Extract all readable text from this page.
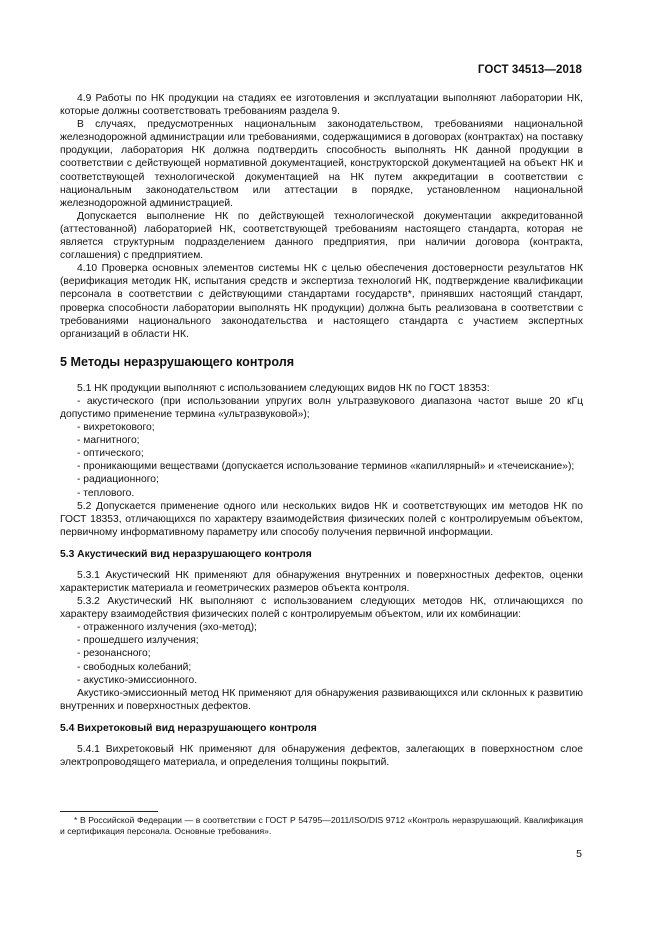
ГОСТ 34513—2018

4.9 Работы по НК продукции на стадиях ее изготовления и эксплуатации выполняют лаборатории НК, которые должны соответствовать требованиям раздела 9.

В случаях, предусмотренных национальным законодательством, требованиями национальной железнодорожной администрации или требованиями, содержащимися в договорах (контрактах) на поставку продукции, лаборатория НК должна подтвердить способность выполнять НК данной продукции в соответствии с действующей нормативной документацией, конструкторской документацией на объект НК и соответствующей технологической документацией на НК путем аккредитации в соответствии с национальным законодательством или аттестации в порядке, установленном национальной железнодорожной администрацией.

Допускается выполнение НК по действующей технологической документации аккредитованной (аттестованной) лабораторией НК, соответствующей требованиям настоящего стандарта, которая не является структурным подразделением данного предприятия, при наличии договора (контракта, соглашения) с предприятием.

4.10 Проверка основных элементов системы НК с целью обеспечения достоверности результатов НК (верификация методик НК, испытания средств и экспертиза технологий НК, подтверждение квалификации персонала в соответствии с действующими стандартами государств*, принявших настоящий стандарт, проверка способности лаборатории выполнять НК продукции) должна быть реализована в соответствии с требованиями национального законодательства и настоящего стандарта с участием экспертных организаций в области НК.

5 Методы неразрушающего контроля

5.1 НК продукции выполняют с использованием следующих видов НК по ГОСТ 18353:

- акустического (при использовании упругих волн ультразвукового диапазона частот выше 20 кГц допустимо применение термина «ультразвуковой»);

- вихретокового;

- магнитного;

- оптического;

- проникающими веществами (допускается использование терминов «капиллярный» и «течеискание»);

- радиационного;

- теплового.

5.2 Допускается применение одного или нескольких видов НК и соответствующих им методов НК по ГОСТ 18353, отличающихся по характеру взаимодействия физических полей с контролируемым объектом, первичному информативному параметру или способу получения первичной информации.

5.3 Акустический вид неразрушающего контроля

5.3.1 Акустический НК применяют для обнаружения внутренних и поверхностных дефектов, оценки характеристик материала и геометрических размеров объекта контроля.

5.3.2 Акустический НК выполняют с использованием следующих методов НК, отличающихся по характеру взаимодействия физических полей с контролируемым объектом, или их комбинации:

- отраженного излучения (эхо-метод);

- прошедшего излучения;

- резонансного;

- свободных колебаний;

- акустико-эмиссионного.

Акустико-эмиссионный метод НК применяют для обнаружения развивающихся или склонных к развитию внутренних и поверхностных дефектов.

5.4 Вихретоковый вид неразрушающего контроля

5.4.1 Вихретоковый НК применяют для обнаружения дефектов, залегающих в поверхностном слое электропроводящего материала, и определения толщины покрытий.

* В Российской Федерации — в соответствии с ГОСТ Р 54795—2011/ISO/DIS 9712 «Контроль неразрушающий. Квалификация и сертификация персонала. Основные требования».
5
